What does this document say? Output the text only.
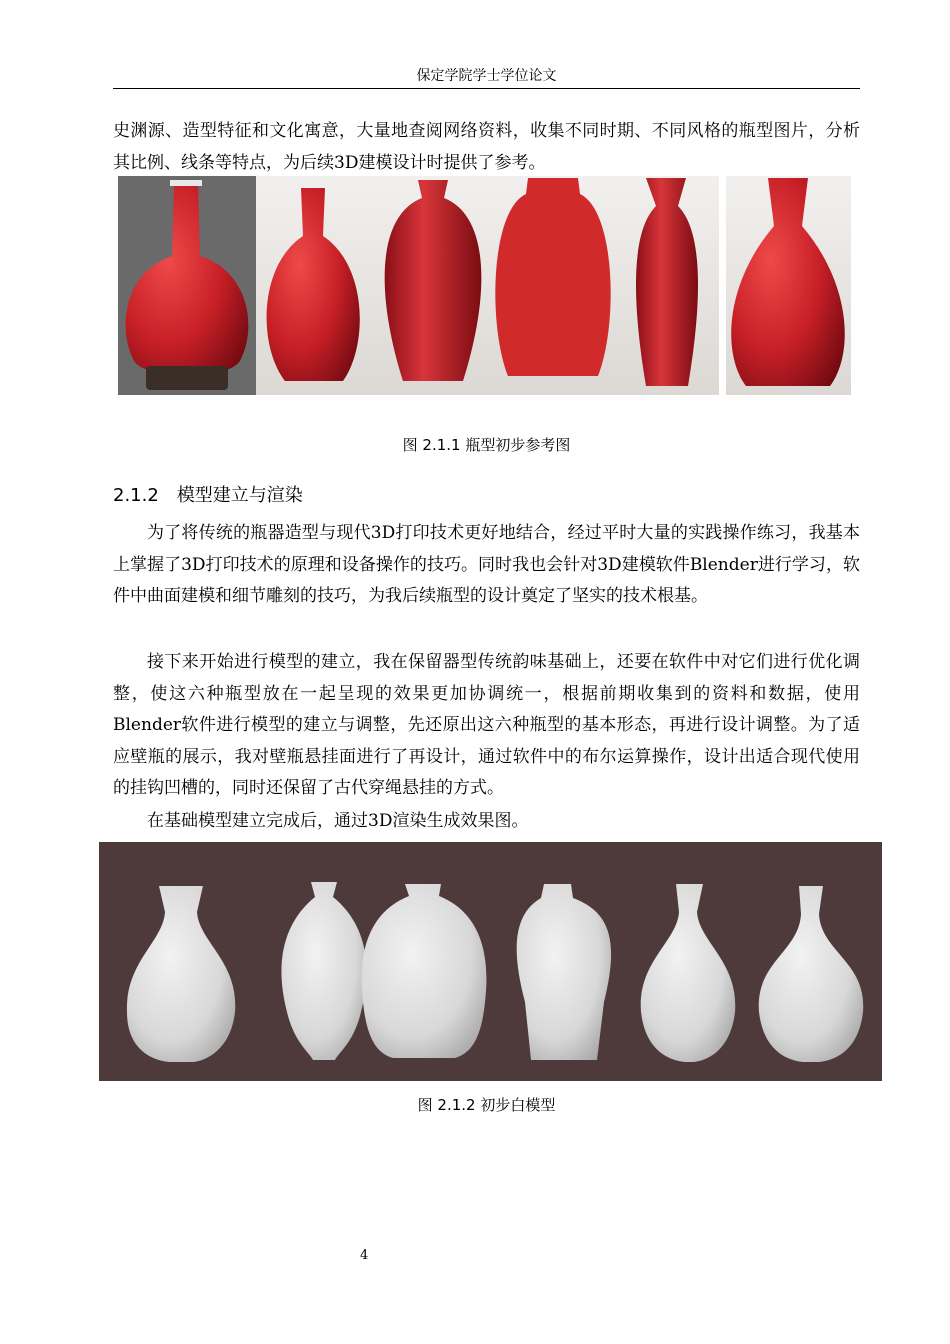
保定学院学士学位论文
史渊源、造型特征和文化寓意，大量地查阅网络资料，收集不同时期、不同风格的瓶型图片，分析其比例、线条等特点，为后续3D建模设计时提供了参考。
图 2.1.1 瓶型初步参考图
2.1.2 模型建立与渲染
为了将传统的瓶器造型与现代3D打印技术更好地结合，经过平时大量的实践操作练习，我基本上掌握了3D打印技术的原理和设备操作的技巧。同时我也会针对3D建模软件Blender进行学习，软件中曲面建模和细节雕刻的技巧，为我后续瓶型的设计奠定了坚实的技术根基。
接下来开始进行模型的建立，我在保留器型传统韵味基础上，还要在软件中对它们进行优化调整，使这六种瓶型放在一起呈现的效果更加协调统一，根据前期收集到的资料和数据，使用Blender软件进行模型的建立与调整，先还原出这六种瓶型的基本形态，再进行设计调整。为了适应壁瓶的展示，我对壁瓶悬挂面进行了再设计，通过软件中的布尔运算操作，设计出适合现代使用的挂钩凹槽的，同时还保留了古代穿绳悬挂的方式。
在基础模型建立完成后，通过3D渲染生成效果图。
图 2.1.2 初步白模型
4
